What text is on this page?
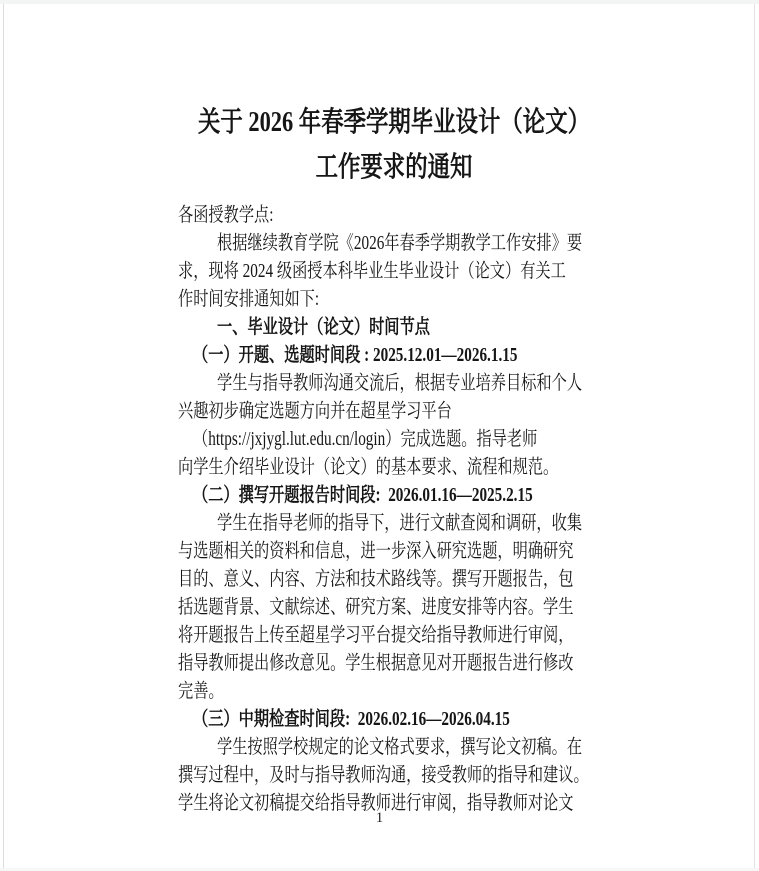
关于 2026 年春季学期毕业设计（论文）
工作要求的通知
各函授教学点:
根据继续教育学院《2026年春季学期教学工作安排》要
求，现将 2024 级函授本科毕业生毕业设计（论文）有关工
作时间安排通知如下:
一、毕业设计（论文）时间节点
（一）开题、选题时间段 : 2025.12.01—2026.1.15
学生与指导教师沟通交流后，根据专业培养目标和个人
兴趣初步确定选题方向并在超星学习平台
（https://jxjygl.lut.edu.cn/login）完成选题。指导老师
向学生介绍毕业设计（论文）的基本要求、流程和规范。
（二）撰写开题报告时间段:  2026.01.16—2025.2.15
学生在指导老师的指导下，进行文献查阅和调研，收集
与选题相关的资料和信息，进一步深入研究选题，明确研究
目的、意义、内容、方法和技术路线等。撰写开题报告，包
括选题背景、文献综述、研究方案、进度安排等内容。学生
将开题报告上传至超星学习平台提交给指导教师进行审阅，
指导教师提出修改意见。学生根据意见对开题报告进行修改
完善。
（三）中期检查时间段:  2026.02.16—2026.04.15
学生按照学校规定的论文格式要求，撰写论文初稿。在
撰写过程中，及时与指导教师沟通，接受教师的指导和建议。
学生将论文初稿提交给指导教师进行审阅，指导教师对论文
1
